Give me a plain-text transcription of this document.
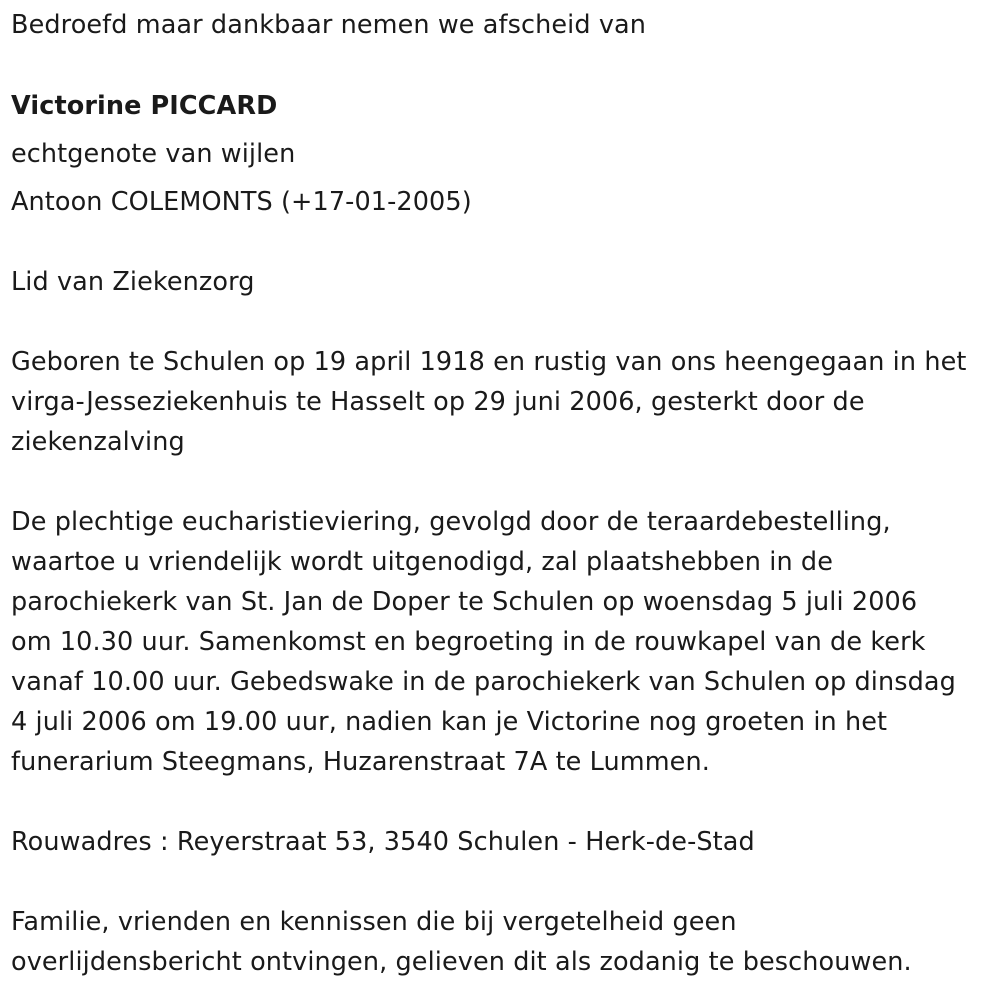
Bedroefd maar dankbaar nemen we afscheid van
Victorine PICCARD
echtgenote van wijlen
Antoon COLEMONTS (+17-01-2005)
Lid van Ziekenzorg
Geboren te Schulen op 19 april 1918 en rustig van ons heengegaan in het
virga-Jesseziekenhuis te Hasselt op 29 juni 2006, gesterkt door de
ziekenzalving
De plechtige eucharistieviering, gevolgd door de teraardebestelling,
waartoe u vriendelijk wordt uitgenodigd, zal plaatshebben in de
parochiekerk van St. Jan de Doper te Schulen op woensdag 5 juli 2006
om 10.30 uur. Samenkomst en begroeting in de rouwkapel van de kerk
vanaf 10.00 uur. Gebedswake in de parochiekerk van Schulen op dinsdag
4 juli 2006 om 19.00 uur, nadien kan je Victorine nog groeten in het
funerarium Steegmans, Huzarenstraat 7A te Lummen.
Rouwadres : Reyerstraat 53, 3540 Schulen - Herk-de-Stad
Familie, vrienden en kennissen die bij vergetelheid geen
overlijdensbericht ontvingen, gelieven dit als zodanig te beschouwen.
